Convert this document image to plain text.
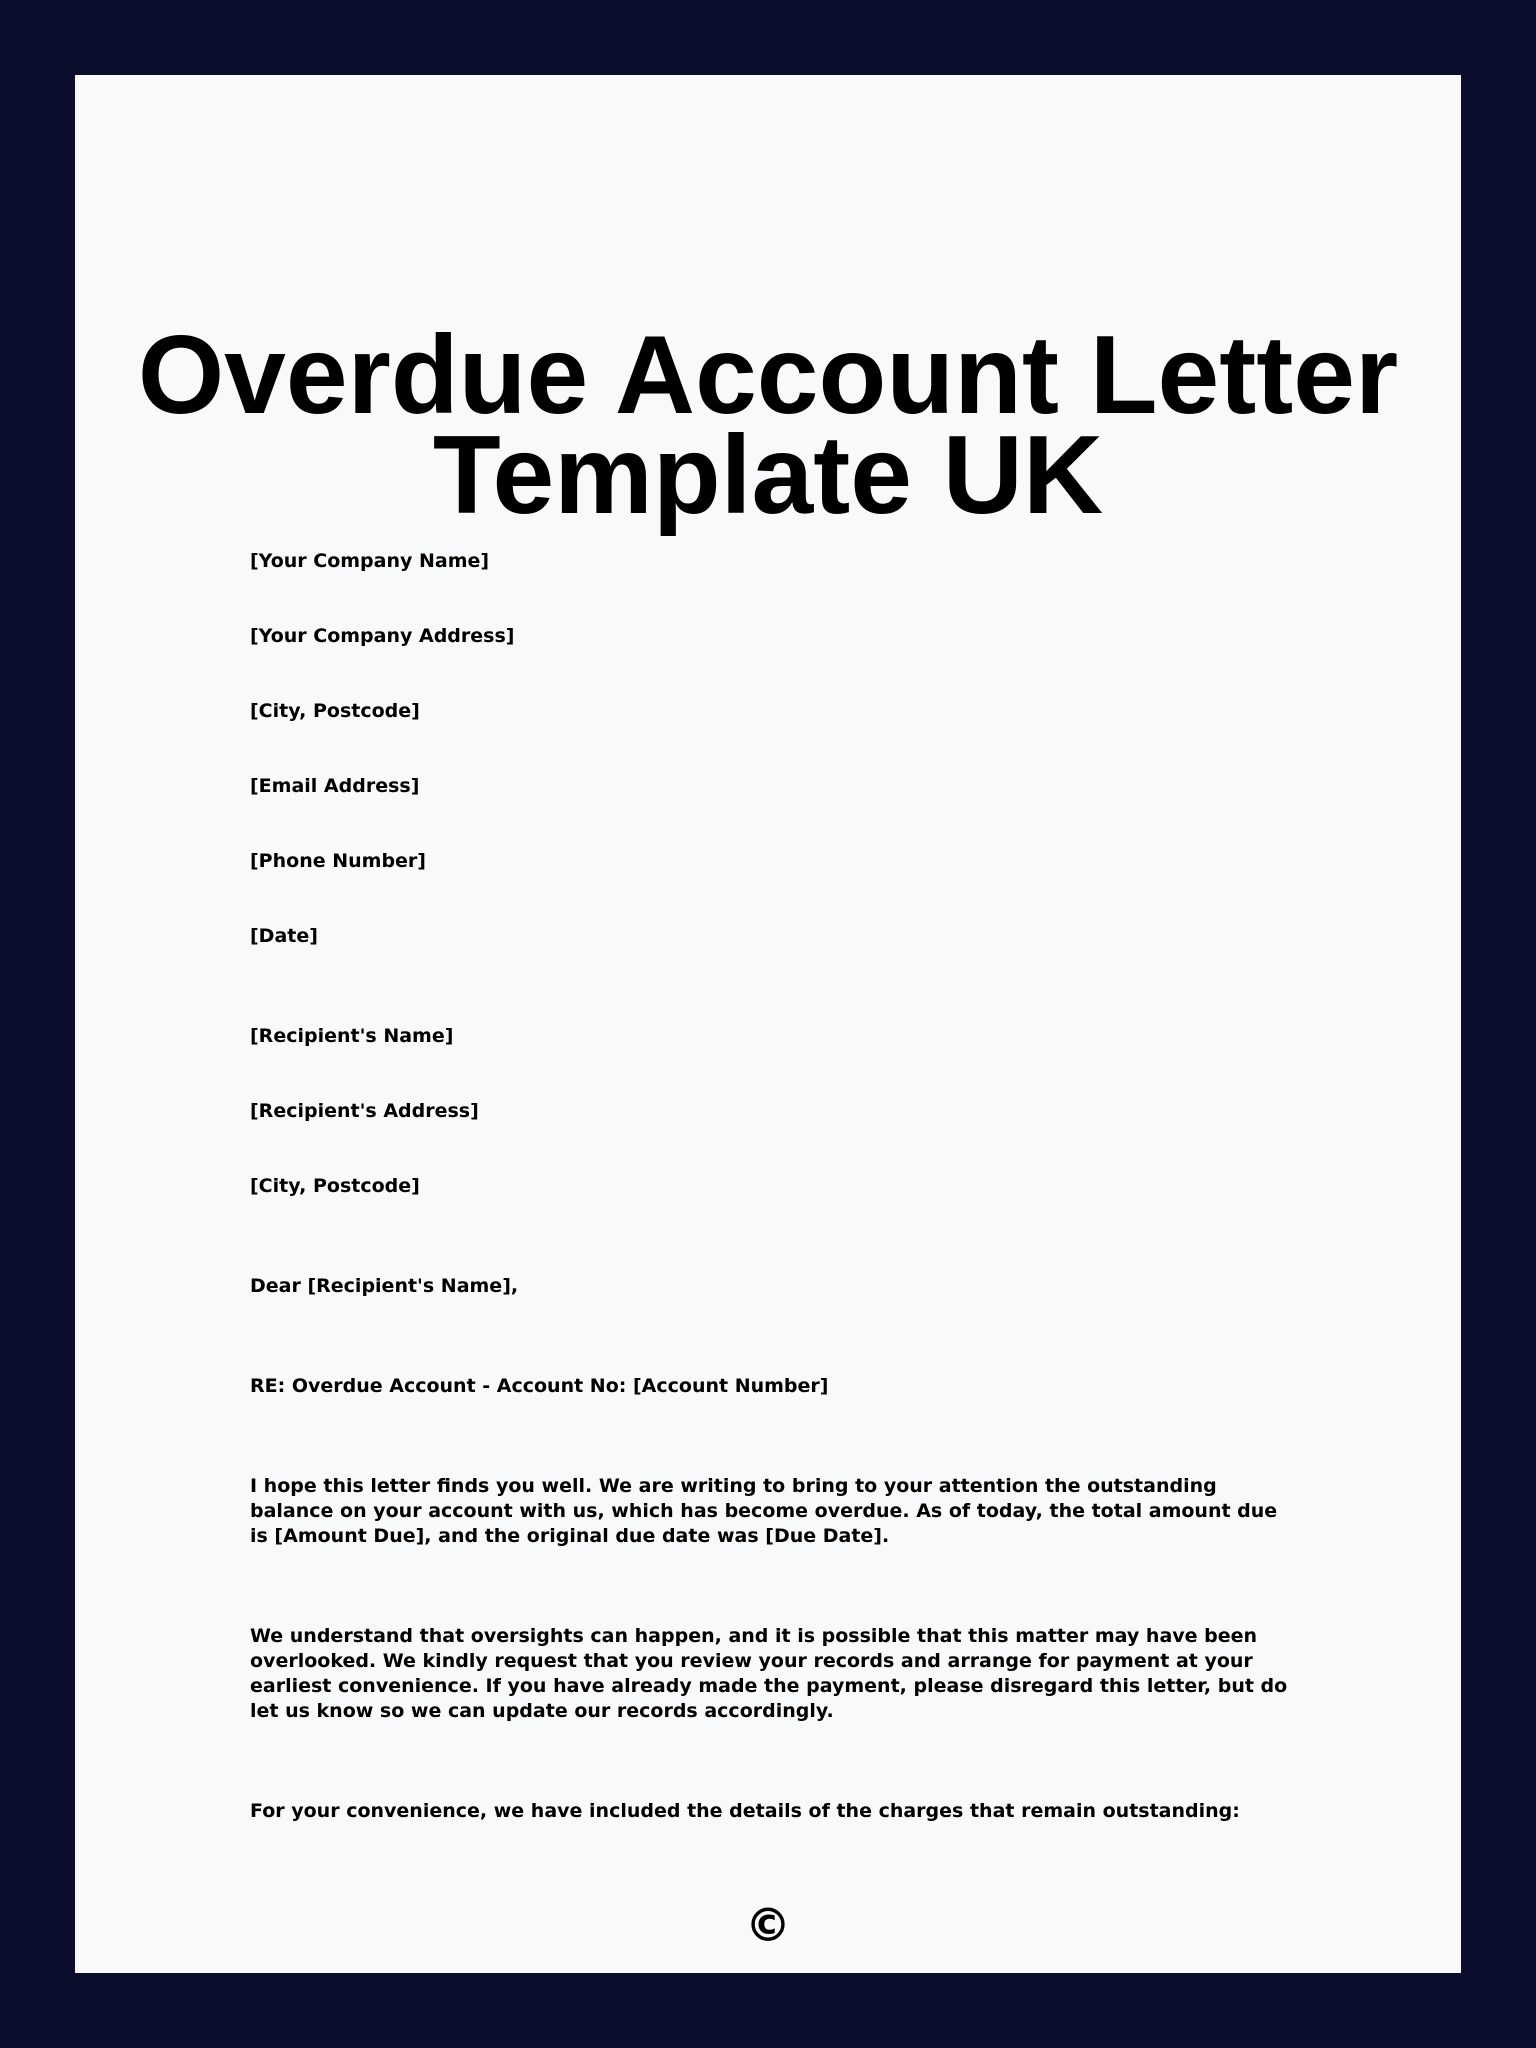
Overdue Account Letter
Template UK

[Your Company Name]

[Your Company Address]

[City, Postcode]

[Email Address]

[Phone Number]

[Date]

[Recipient's Name]

[Recipient's Address]

[City, Postcode]

Dear [Recipient's Name],

RE: Overdue Account - Account No: [Account Number]

I hope this letter finds you well. We are writing to bring to your attention the outstanding balance on your account with us, which has become overdue. As of today, the total amount due is [Amount Due], and the original due date was [Due Date].

We understand that oversights can happen, and it is possible that this matter may have been overlooked. We kindly request that you review your records and arrange for payment at your earliest convenience. If you have already made the payment, please disregard this letter, but do let us know so we can update our records accordingly.

For your convenience, we have included the details of the charges that remain outstanding:

©
